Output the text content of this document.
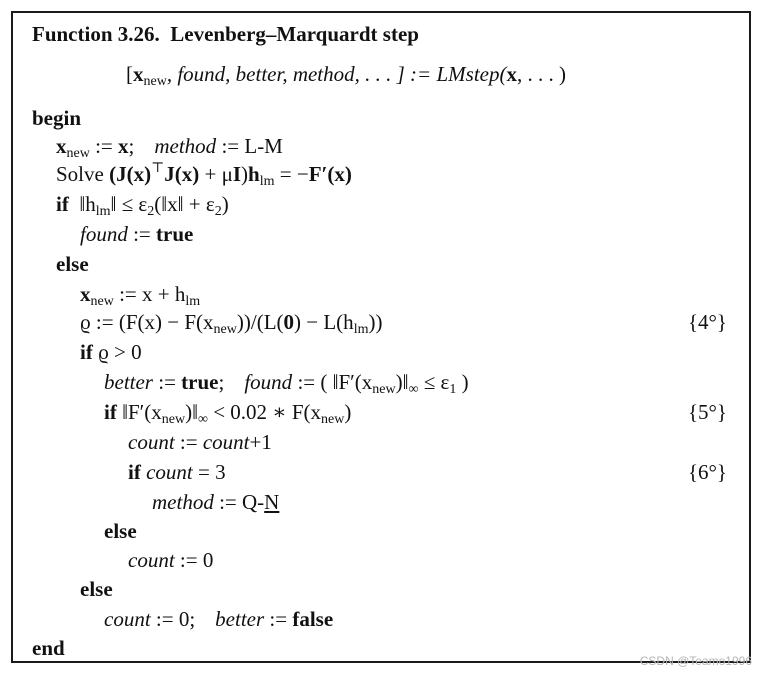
Function 3.26. Levenberg–Marquardt step
[$x_{new}$, found, better, method, . . . ] := LMstep(x, . . . )
begin
$x_{new}$ := x; method := L-M
Solve $(J(x)^⊤J(x) + \mu I)h_{lm} = -F'(x)$
if $‖h_{lm}‖$ ≤ $\varepsilon_2(‖x‖ + \varepsilon_2)$
found := true
else
$x_{new}$ := $x + h_{lm}$
ϱ := $(F(x) - F(x_{new}))/(L(0) - L(h_{lm}))$	{4°}
if ϱ > 0
better := true; found := ( $‖F'(x_{new})‖_\infty \le \varepsilon_1$ )
if $‖F'(x_{new})‖_\infty < 0.02$ ∗ $F(x_{new})$	{5°}
count := count+1
if count = 3	{6°}
method := Q-N
else
count := 0
else
count := 0; better := false
end
CSDN @Teamo1996
